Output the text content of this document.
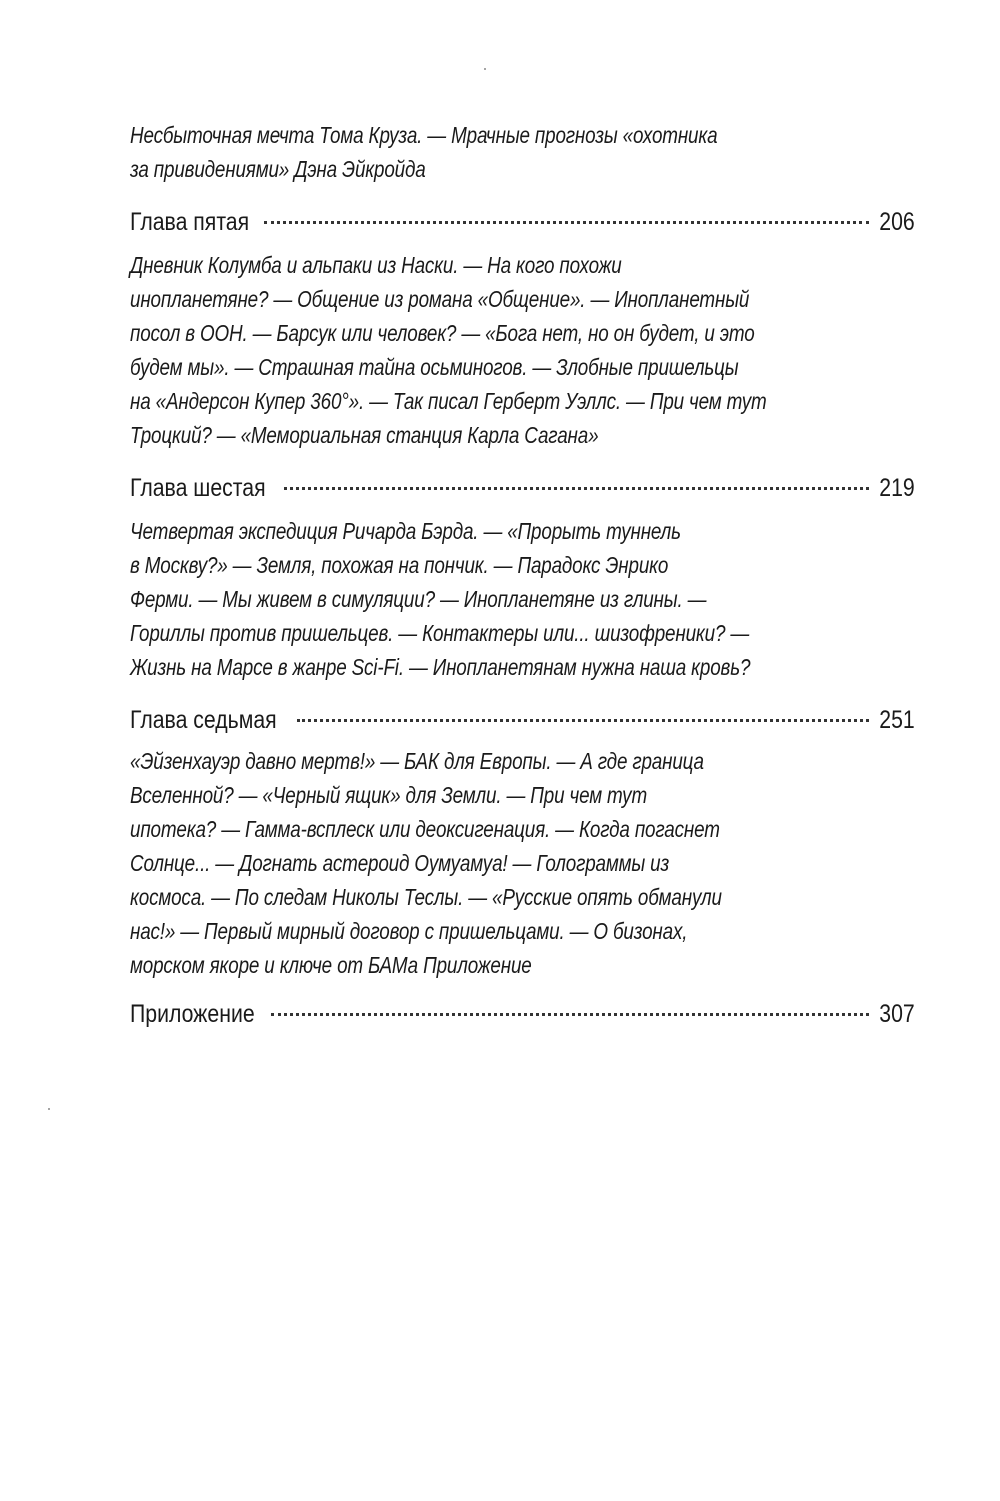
Несбыточная мечта Тома Круза. — Мрачные прогнозы «охотника
за привидениями» Дэна Эйкройда
Глава пятая	206
Дневник Колумба и альпаки из Наски. — На кого похожи
инопланетяне? — Общение из романа «Общение». — Инопланетный
посол в ООН. — Барсук или человек? — «Бога нет, но он будет, и это
будем мы». — Страшная тайна осьминогов. — Злобные пришельцы
на «Андерсон Купер 360°». — Так писал Герберт Уэллс. — При чем тут
Троцкий? — «Мемориальная станция Карла Сагана»
Глава шестая	219
Четвертая экспедиция Ричарда Бэрда. — «Прорыть туннель
в Москву?» — Земля, похожая на пончик. — Парадокс Энрико
Ферми. — Мы живем в симуляции? — Инопланетяне из глины. —
Гориллы против пришельцев. — Контактеры или... шизофреники? —
Жизнь на Марсе в жанре Sci-Fi. — Инопланетянам нужна наша кровь?
Глава седьмая	251
«Эйзенхауэр давно мертв!» — БАК для Европы. — А где граница
Вселенной? — «Черный ящик» для Земли. — При чем тут
ипотека? — Гамма-всплеск или деоксигенация. — Когда погаснет
Солнце... — Догнать астероид Оумуамуа! — Голограммы из
космоса. — По следам Николы Теслы. — «Русские опять обманули
нас!» — Первый мирный договор с пришельцами. — О бизонах,
морском якоре и ключе от БАМа Приложение
Приложение	307
